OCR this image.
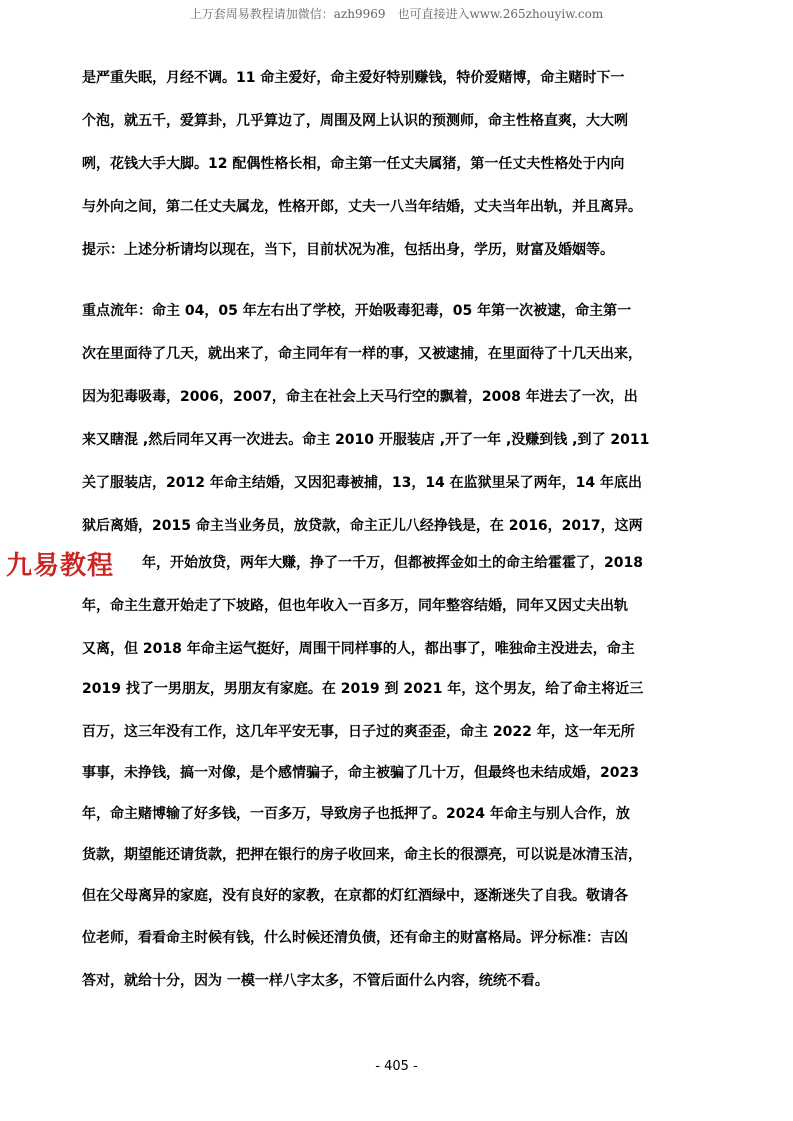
上万套周易教程请加微信：azh9969　也可直接进入www.265zhouyiw.com
是严重失眠，月经不调。11 命主爱好，命主爱好特别赚钱，特价爱赌博，命主赌时下一
个泡，就五千，爱算卦，几乎算边了，周围及网上认识的预测师，命主性格直爽，大大咧
咧，花钱大手大脚。12 配偶性格长相，命主第一任丈夫属猪，第一任丈夫性格处于内向
与外向之间，第二任丈夫属龙，性格开郎，丈夫一八当年结婚，丈夫当年出轨，并且离异。
提示：上述分析请均以现在，当下，目前状况为准，包括出身，学历，财富及婚姻等。
重点流年：命主 04，05 年左右出了学校，开始吸毒犯毒，05 年第一次被逮，命主第一
次在里面待了几天，就出来了，命主同年有一样的事，又被逮捕，在里面待了十几天出来，
因为犯毒吸毒，2006，2007，命主在社会上天马行空的飘着，2008 年进去了一次，出
来又瞎混 ,然后同年又再一次进去。命主 2010 开服装店 ,开了一年 ,没赚到钱 ,到了 2011
关了服装店，2012 年命主结婚，又因犯毒被捕，13，14 在监狱里呆了两年，14 年底出
狱后离婚，2015 命主当业务员，放贷款，命主正儿八经挣钱是，在 2016，2017，这两
年，开始放贷，两年大赚，挣了一千万，但都被挥金如土的命主给霍霍了，2018
年，命主生意开始走了下坡路，但也年收入一百多万，同年整容结婚，同年又因丈夫出轨
又离，但 2018 年命主运气挺好，周围干同样事的人，都出事了，唯独命主没进去，命主
2019 找了一男朋友，男朋友有家庭。在 2019 到 2021 年，这个男友，给了命主将近三
百万，这三年没有工作，这几年平安无事，日子过的爽歪歪，命主 2022 年，这一年无所
事事，未挣钱，搞一对像，是个感情骗子，命主被骗了几十万，但最终也未结成婚，2023
年，命主赌博输了好多钱，一百多万，导致房子也抵押了。2024 年命主与别人合作，放
货款，期望能还请货款，把押在银行的房子收回来，命主长的很漂亮，可以说是冰清玉洁，
但在父母离异的家庭，没有良好的家教，在京都的灯红酒绿中，逐渐迷失了自我。敬请各
位老师，看看命主时候有钱，什么时候还清负债，还有命主的财富格局。评分标准：吉凶
答对，就给十分，因为 一模一样八字太多，不管后面什么内容，统统不看。
九易教程
- 405 -
